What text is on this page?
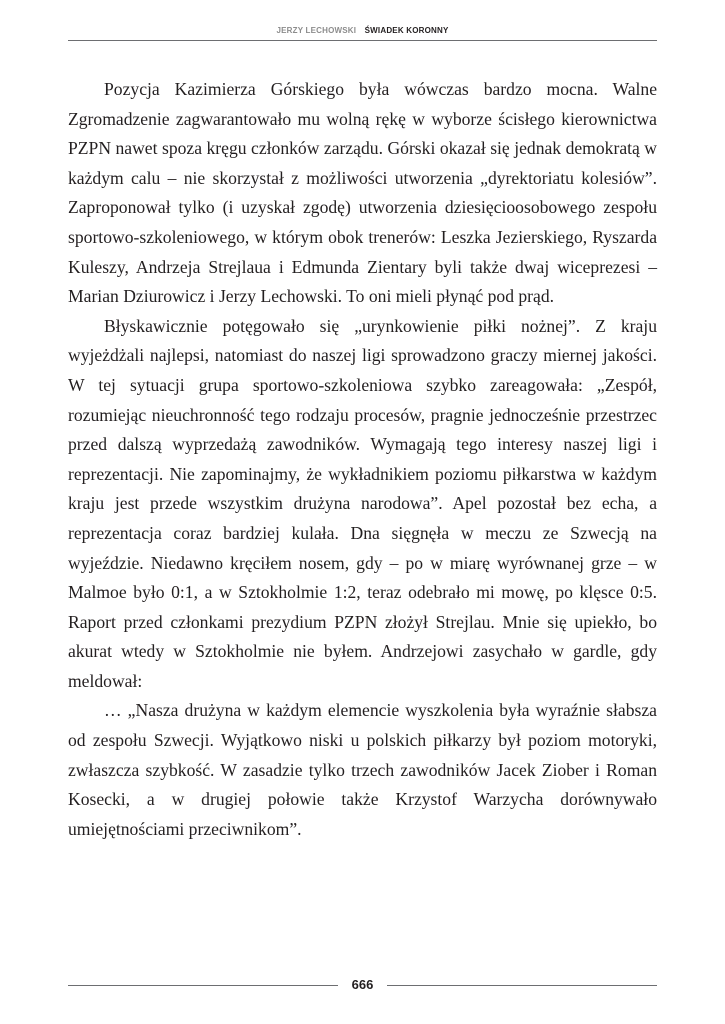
JERZY LECHOWSKI ŚWIADEK KORONNY

Pozycja Kazimierza Górskiego była wówczas bardzo mocna. Walne Zgromadzenie zagwarantowało mu wolną rękę w wyborze ścisłego kierownictwa PZPN nawet spoza kręgu członków zarządu. Górski okazał się jednak demokratą w każdym calu – nie skorzystał z możliwości utworzenia „dyrektoriatu kolesiów”. Zaproponował tylko (i uzyskał zgodę) utworzenia dziesięcioosobowego zespołu sportowo-szkoleniowego, w którym obok trenerów: Leszka Jezierskiego, Ryszarda Kuleszy, Andrzeja Strejlaua i Edmunda Zientary byli także dwaj wiceprezesi – Marian Dziurowicz i Jerzy Lechowski. To oni mieli płynąć pod prąd.

Błyskawicznie potęgowało się „urynkowienie piłki nożnej”. Z kraju wyjeżdżali najlepsi, natomiast do naszej ligi sprowadzono graczy miernej jakości. W tej sytuacji grupa sportowo-szkoleniowa szybko zareagowała: „Zespół, rozumiejąc nieuchronność tego rodzaju procesów, pragnie jednocześnie przestrzec przed dalszą wyprzedażą zawodników. Wymagają tego interesy naszej ligi i reprezentacji. Nie zapominajmy, że wykładnikiem poziomu piłkarstwa w każdym kraju jest przede wszystkim drużyna narodowa”. Apel pozostał bez echa, a reprezentacja coraz bardziej kulała. Dna sięgnęła w meczu ze Szwecją na wyjeździe. Niedawno kręciłem nosem, gdy – po w miarę wyrównanej grze – w Malmoe było 0:1, a w Sztokholmie 1:2, teraz odebrało mi mowę, po klęsce 0:5. Raport przed członkami prezydium PZPN złożył Strejlau. Mnie się upiekło, bo akurat wtedy w Sztokholmie nie byłem. Andrzejowi zasychało w gardle, gdy meldował:

… „Nasza drużyna w każdym elemencie wyszkolenia była wyraźnie słabsza od zespołu Szwecji. Wyjątkowo niski u polskich piłkarzy był poziom motoryki, zwłaszcza szybkość. W zasadzie tylko trzech zawodników Jacek Ziober i Roman Kosecki, a w drugiej połowie także Krzystof Warzycha dorównywało umiejętnościami przeciwnikom”.

666
